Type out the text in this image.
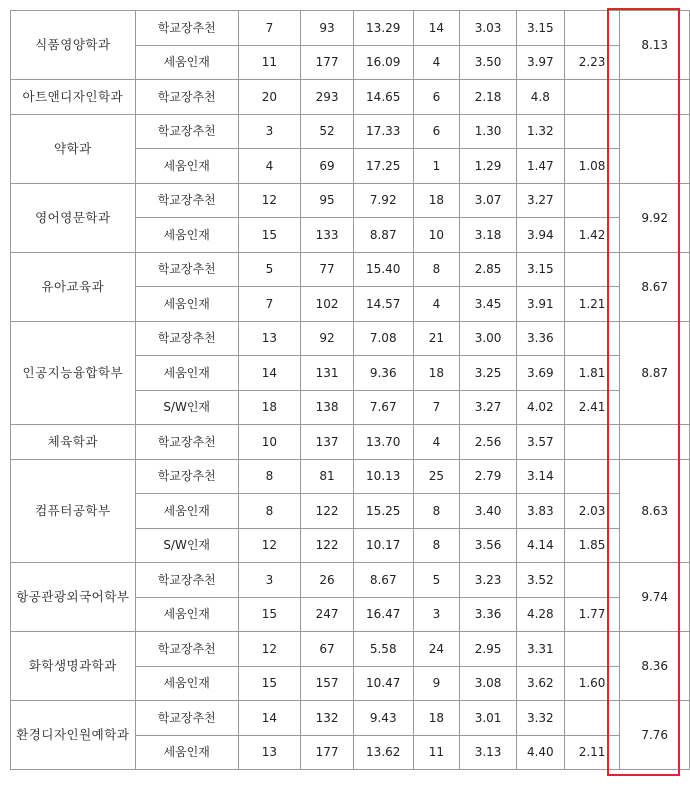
식품영양학과	학교장추천	7	93	13.29	14	3.03	3.15		8.13
	세움인재	11	177	16.09	4	3.50	3.97	2.23	
아트앤디자인학과	학교장추천	20	293	14.65	6	2.18	4.8		
약학과	학교장추천	3	52	17.33	6	1.30	1.32		
	세움인재	4	69	17.25	1	1.29	1.47	1.08	
영어영문학과	학교장추천	12	95	7.92	18	3.07	3.27		9.92
	세움인재	15	133	8.87	10	3.18	3.94	1.42	
유아교육과	학교장추천	5	77	15.40	8	2.85	3.15		8.67
	세움인재	7	102	14.57	4	3.45	3.91	1.21	
인공지능융합학부	학교장추천	13	92	7.08	21	3.00	3.36		8.87
	세움인재	14	131	9.36	18	3.25	3.69	1.81	
	S/W인재	18	138	7.67	7	3.27	4.02	2.41	
체육학과	학교장추천	10	137	13.70	4	2.56	3.57		
컴퓨터공학부	학교장추천	8	81	10.13	25	2.79	3.14		8.63
	세움인재	8	122	15.25	8	3.40	3.83	2.03	
	S/W인재	12	122	10.17	8	3.56	4.14	1.85	
항공관광외국어학부	학교장추천	3	26	8.67	5	3.23	3.52		9.74
	세움인재	15	247	16.47	3	3.36	4.28	1.77	
화학생명과학과	학교장추천	12	67	5.58	24	2.95	3.31		8.36
	세움인재	15	157	10.47	9	3.08	3.62	1.60	
환경디자인원예학과	학교장추천	14	132	9.43	18	3.01	3.32		7.76
	세움인재	13	177	13.62	11	3.13	4.40	2.11	
